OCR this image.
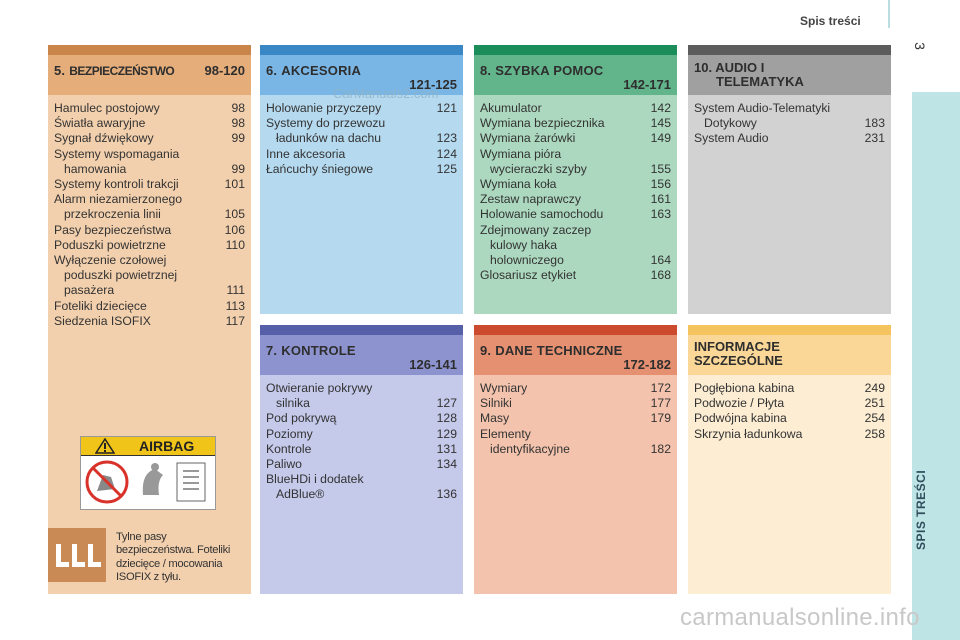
Spis treści
3
SPIS TREŚCI
5. BEZPIECZEŃSTWO 98-120
Hamulec postojowy	98
Światła awaryjne	98
Sygnał dźwiękowy	99
Systemy wspomagania
hamowania	99
Systemy kontroli trakcji	101
Alarm niezamierzonego
przekroczenia linii	105
Pasy bezpieczeństwa	106
Poduszki powietrzne	110
Wyłączenie czołowej
poduszki powietrznej
pasażera	111
Foteliki dziecięce	113
Siedzenia ISOFIX	117
AIRBAG
Tylne pasy bezpieczeństwa. Foteliki dziecięce / mocowania ISOFIX z tyłu.
6. AKCESORIA
121-125
Holowanie przyczepy	121
Systemy do przewozu
ładunków na dachu	123
Inne akcesoria	124
Łańcuchy śniegowe	125
CarManuals2.com
8. SZYBKA POMOC
142-171
Akumulator	142
Wymiana bezpiecznika	145
Wymiana żarówki	149
Wymiana pióra
wycieraczki szyby	155
Wymiana koła	156
Zestaw naprawczy	161
Holowanie samochodu	163
Zdejmowany zaczep
kulowy haka
holowniczego	164
Glosariusz etykiet	168
10. AUDIO I
TELEMATYKA
System Audio-Telematyki
Dotykowy	183
System Audio	231
7. KONTROLE
126-141
Otwieranie pokrywy
silnika	127
Pod pokrywą	128
Poziomy	129
Kontrole	131
Paliwo	134
BlueHDi i dodatek
AdBlue®	136
9. DANE TECHNICZNE
172-182
Wymiary	172
Silniki	177
Masy	179
Elementy
identyfikacyjne	182
INFORMACJE
SZCZEGÓLNE
Pogłębiona kabina	249
Podwozie / Płyta	251
Podwójna kabina	254
Skrzynia ładunkowa	258
carmanualsonline.info
